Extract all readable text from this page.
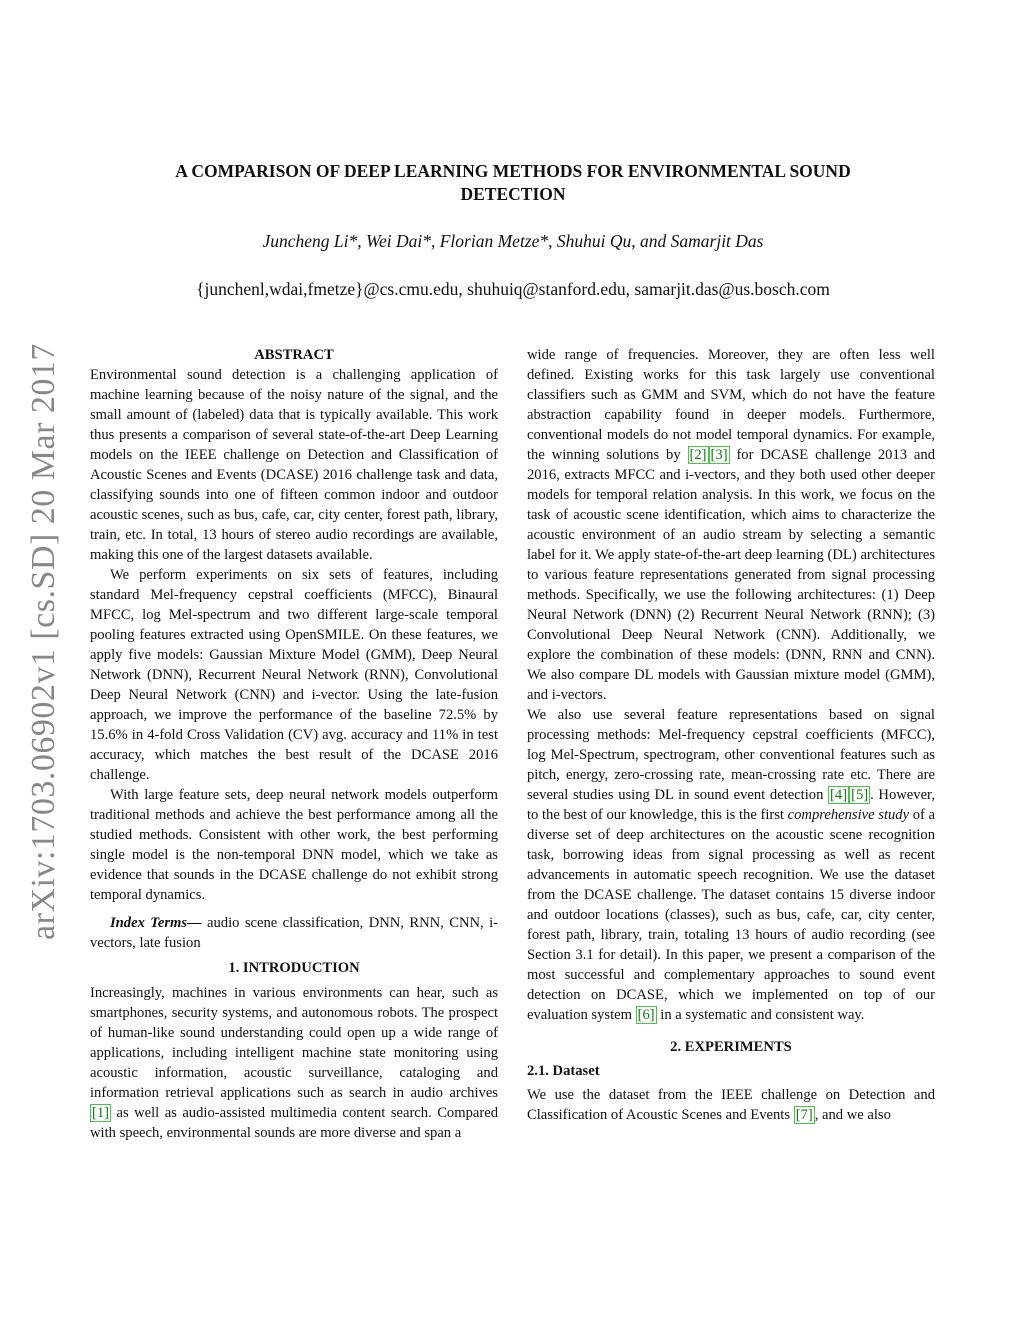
A COMPARISON OF DEEP LEARNING METHODS FOR ENVIRONMENTAL SOUND
DETECTION
Juncheng Li*, Wei Dai*, Florian Metze*, Shuhui Qu, and Samarjit Das
{junchenl,wdai,fmetze}@cs.cmu.edu, shuhuiq@stanford.edu, samarjit.das@us.bosch.com
arXiv:1703.06902v1 [cs.SD] 20 Mar 2017	ABSTRACT

Environmental sound detection is a challenging application of machine learning because of the noisy nature of the signal, and the small amount of (labeled) data that is typically available. This work thus presents a comparison of several state-of-the-art Deep Learning models on the IEEE challenge on Detection and Classification of Acoustic Scenes and Events (DCASE) 2016 challenge task and data, classifying sounds into one of fifteen common indoor and outdoor acoustic scenes, such as bus, cafe, car, city center, forest path, library, train, etc. In total, 13 hours of stereo audio recordings are available, making this one of the largest datasets available.

We perform experiments on six sets of features, including standard Mel-frequency cepstral coefficients (MFCC), Binaural MFCC, log Mel-spectrum and two different large-scale temporal pooling features extracted using OpenSMILE. On these features, we apply five models: Gaussian Mixture Model (GMM), Deep Neural Network (DNN), Recurrent Neural Network (RNN), Convolutional Deep Neural Network (CNN) and i-vector. Using the late-fusion approach, we improve the performance of the baseline 72.5% by 15.6% in 4-fold Cross Validation (CV) avg. accuracy and 11% in test accuracy, which matches the best result of the DCASE 2016 challenge.

With large feature sets, deep neural network models outperform traditional methods and achieve the best performance among all the studied methods. Consistent with other work, the best performing single model is the non-temporal DNN model, which we take as evidence that sounds in the DCASE challenge do not exhibit strong temporal dynamics.

Index Terms— audio scene classification, DNN, RNN, CNN, i-vectors, late fusion

1. INTRODUCTION

Increasingly, machines in various environments can hear, such as smartphones, security systems, and autonomous robots. The prospect of human-like sound understanding could open up a wide range of applications, including intelligent machine state monitoring using acoustic information, acoustic surveillance, cataloging and information retrieval applications such as search in audio archives [1] as well as audio-assisted multimedia content search. Compared with speech, environmental sounds are more diverse and span a

wide range of frequencies. Moreover, they are often less well defined. Existing works for this task largely use conventional classifiers such as GMM and SVM, which do not have the feature abstraction capability found in deeper models. Furthermore, conventional models do not model temporal dynamics. For example, the winning solutions by [2] [3] for DCASE challenge 2013 and 2016, extracts MFCC and i-vectors, and they both used other deeper models for temporal relation analysis. In this work, we focus on the task of acoustic scene identification, which aims to characterize the acoustic environment of an audio stream by selecting a semantic label for it. We apply state-of-the-art deep learning (DL) architectures to various feature representations generated from signal processing methods. Specifically, we use the following architectures: (1) Deep Neural Network (DNN) (2) Recurrent Neural Network (RNN); (3) Convolutional Deep Neural Network (CNN). Additionally, we explore the combination of these models: (DNN, RNN and CNN). We also compare DL models with Gaussian mixture model (GMM), and i-vectors.

We also use several feature representations based on signal processing methods: Mel-frequency cepstral coefficients (MFCC), log Mel-Spectrum, spectrogram, other conventional features such as pitch, energy, zero-crossing rate, mean-crossing rate etc. There are several studies using DL in sound event detection [4] [5] . However, to the best of our knowledge, this is the first comprehensive study of a diverse set of deep architectures on the acoustic scene recognition task, borrowing ideas from signal processing as well as recent advancements in automatic speech recognition. We use the dataset from the DCASE challenge. The dataset contains 15 diverse indoor and outdoor locations (classes), such as bus, cafe, car, city center, forest path, library, train, totaling 13 hours of audio recording (see Section 3.1 for detail). In this paper, we present a comparison of the most successful and complementary approaches to sound event detection on DCASE, which we implemented on top of our evaluation system [6] in a systematic and consistent way.

2. EXPERIMENTS

2.1. Dataset

We use the dataset from the IEEE challenge on Detection and Classification of Acoustic Scenes and Events [7] , and we also
